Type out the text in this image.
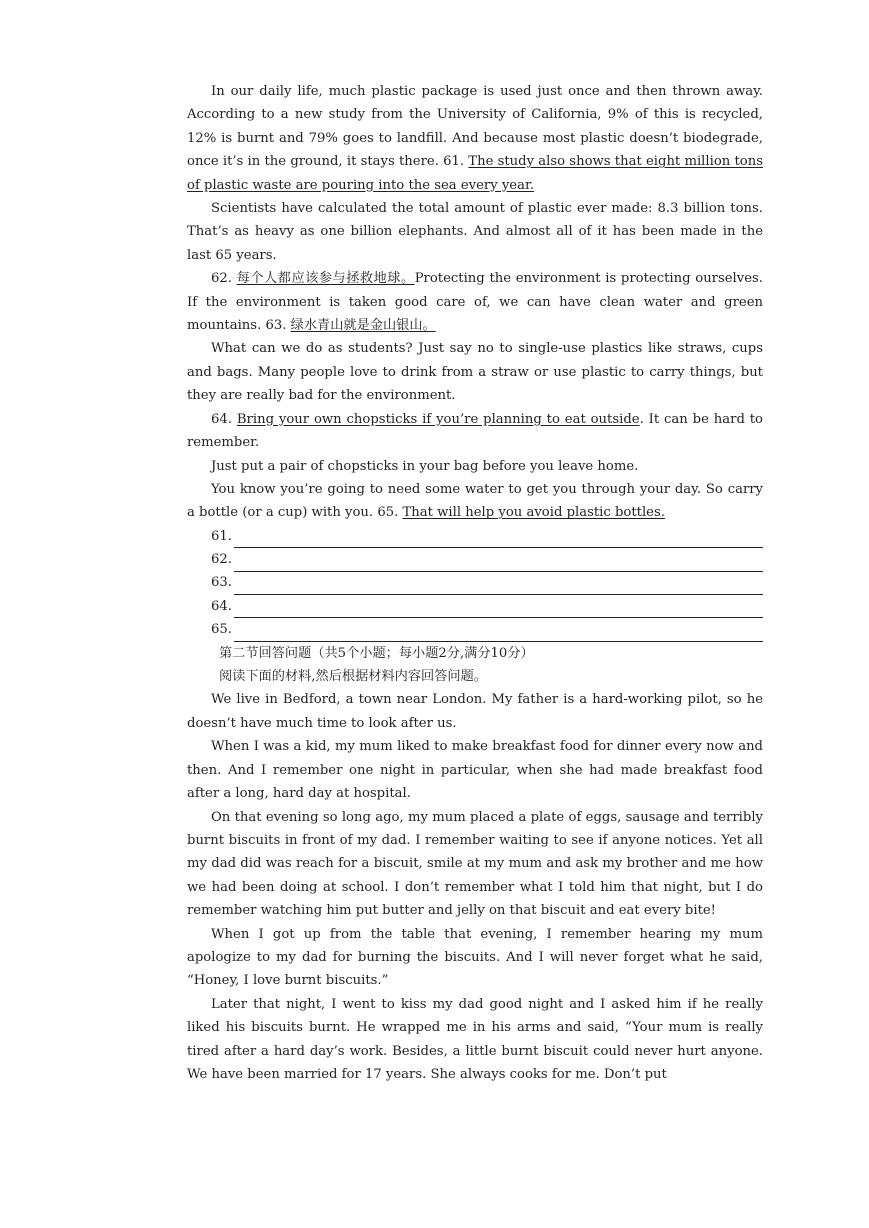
In our daily life, much plastic package is used just once and then thrown away. According to a new study from the University of California, 9% of this is recycled, 12% is burnt and 79% goes to landfill. And because most plastic doesn’t biodegrade, once it’s in the ground, it stays there. 61. The study also shows that eight million tons of plastic waste are pouring into the sea every year.

Scientists have calculated the total amount of plastic ever made: 8.3 billion tons. That’s as heavy as one billion elephants. And almost all of it has been made in the last 65 years.

62. 每个人都应该参与拯救地球。Protecting the environment is protecting ourselves. If the environment is taken good care of, we can have clean water and green mountains. 63. 绿水青山就是金山银山。

What can we do as students? Just say no to single-use plastics like straws, cups and bags. Many people love to drink from a straw or use plastic to carry things, but they are really bad for the environment.

64. Bring your own chopsticks if you’re planning to eat outside. It can be hard to remember.

Just put a pair of chopsticks in your bag before you leave home.

You know you’re going to need some water to get you through your day. So carry a bottle (or a cup) with you. 65. That will help you avoid plastic bottles.

61.
62.
63.
64.
65.

第二节回答问题（共5个小题；每小题2分,满分10分）

阅读下面的材料,然后根据材料内容回答问题。

We live in Bedford, a town near London. My father is a hard-working pilot, so he doesn’t have much time to look after us.

When I was a kid, my mum liked to make breakfast food for dinner every now and then. And I remember one night in particular, when she had made breakfast food after a long, hard day at hospital.

On that evening so long ago, my mum placed a plate of eggs, sausage and terribly burnt biscuits in front of my dad. I remember waiting to see if anyone notices. Yet all my dad did was reach for a biscuit, smile at my mum and ask my brother and me how we had been doing at school. I don’t remember what I told him that night, but I do remember watching him put butter and jelly on that biscuit and eat every bite!

When I got up from the table that evening, I remember hearing my mum apologize to my dad for burning the biscuits. And I will never forget what he said, “Honey, I love burnt biscuits.”

Later that night, I went to kiss my dad good night and I asked him if he really liked his biscuits burnt. He wrapped me in his arms and said, “Your mum is really tired after a hard day’s work. Besides, a little burnt biscuit could never hurt anyone. We have been married for 17 years. She always cooks for me. Don’t put
